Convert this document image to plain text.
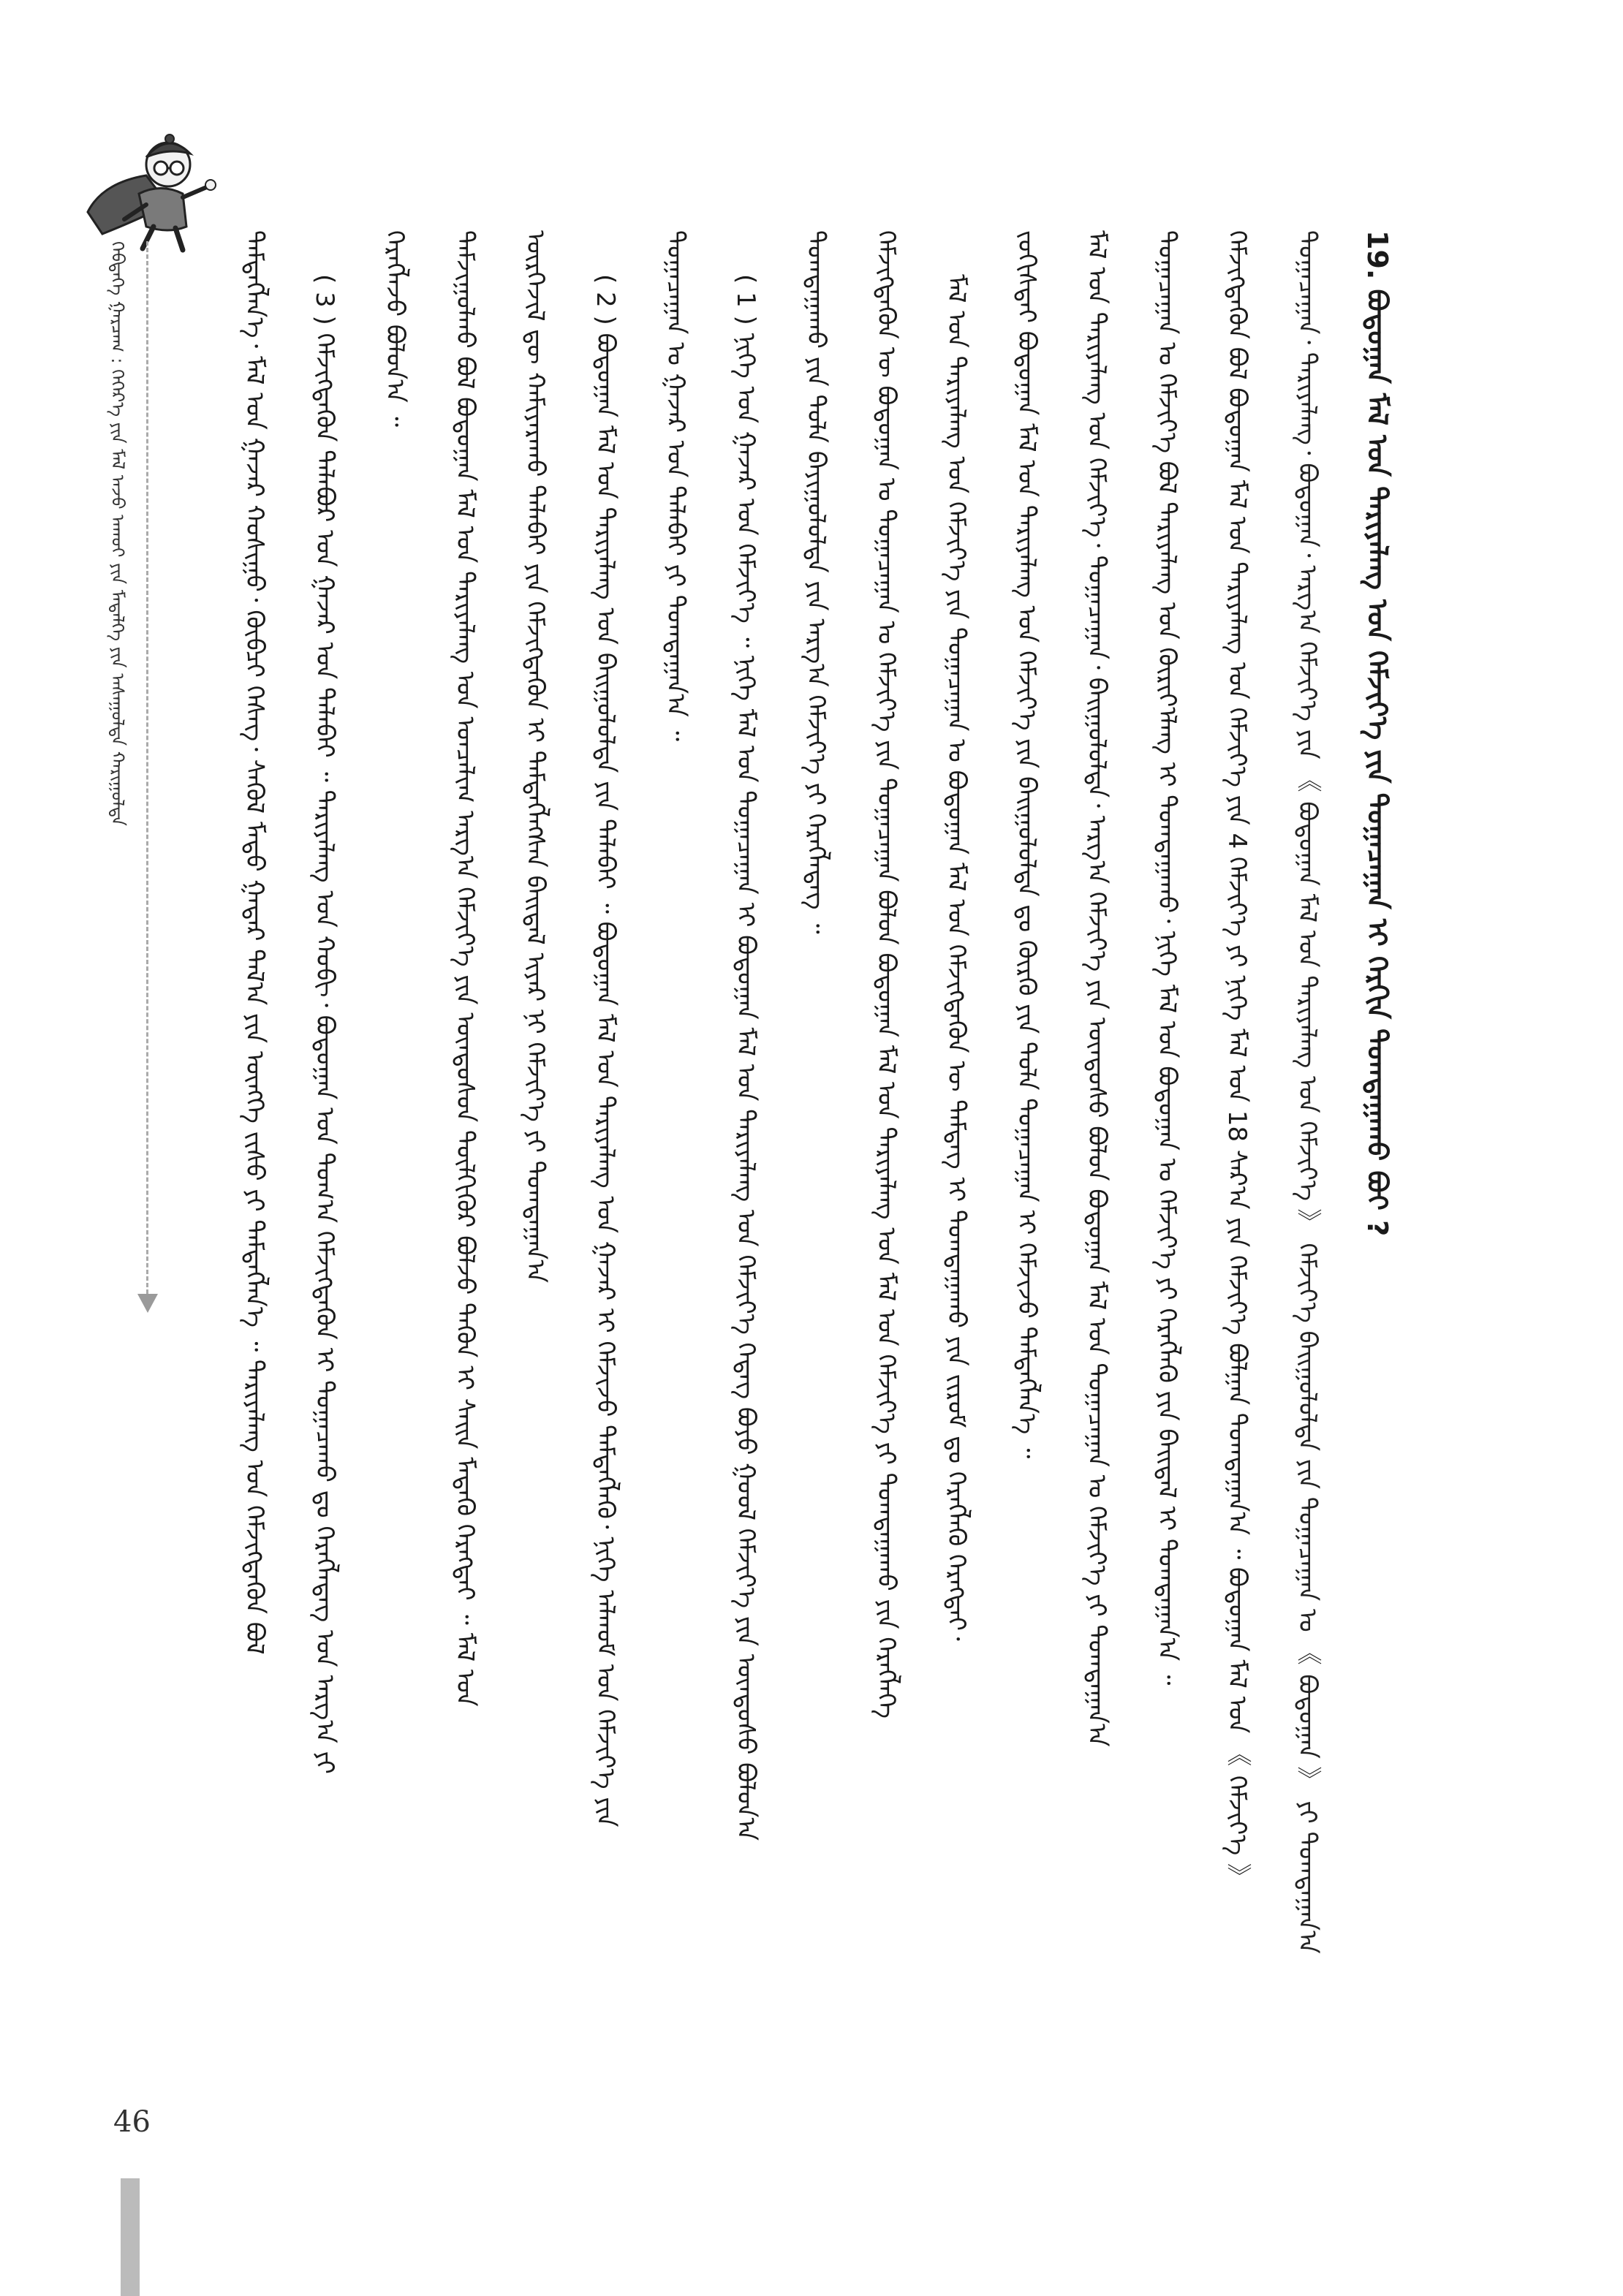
ᠬᠡᠪᠲᠡᠭᠡ ᠭᠠᠷᠴᠠᠭ : ᠬᠡᠭᠡᠷ᠎ᠡ ᠶᠢᠨ ᠮᠠᠯ ᠠᠵᠤ ᠠᠬᠤᠢ ᠶᠢᠨ ᠮᠡᠳᠡᠯᠭᠡ ᠶᠢᠨ ᠠᠰᠠᠭᠤᠯᠲᠠ ᠬᠠᠷᠢᠭᠤᠯᠲᠠ	ᠲᠡᠮᠳᠡᠭᠯᠡᠨ᠎ᠡ᠂ ᠮᠠᠯ ᠤᠨ ᠭᠠᠵᠠᠷ ᠬᠤᠰᠢᠭᠤ᠂ ᠬᠦᠪᠴᠢ ᠬᠡᠰᠡᠭ᠂ ᠰᠡᠭᠦᠯ ᠮᠡᠲᠦ ᠭᠠᠳᠠᠷ ᠲᠠᠯ᠎ᠠ ᠶᠢᠨ ᠦᠩᠭᠡ ᠵᠢᠰᠦ ᠶᠢ ᠲᠡᠮᠳᠡᠭᠯᠡᠨ᠎ᠡ ᠃ ᠲᠠᠷᠢᠶᠠᠯᠠᠩ ᠤᠨ ᠬᠡᠮᠵᠢᠭᠳᠡᠬᠦᠨ ᠪᠣᠯ	( 3 ) ᠬᠡᠮᠵᠢᠭᠳᠡᠬᠦᠨ ᠲᠠᠯᠠᠪᠤᠷ ᠤᠨ ᠭᠠᠵᠠᠷ ᠤᠨ ᠲᠠᠯᠠᠪᠠᠢ ᠃ ᠲᠠᠷᠢᠶᠠᠯᠠᠩ ᠤᠨ ᠬᠤᠪᠢ᠂ ᠪᠣᠳᠤᠭᠠᠨ ᠤᠨ ᠲᠣᠭ᠎ᠠ ᠬᠡᠮᠵᠢᠭᠳᠡᠬᠦᠨ ᠢ ᠲᠣᠭᠠᠴᠠᠬᠤ ᠳᠤ ᠬᠡᠷᠡᠭᠯᠡᠳᠡᠭ ᠤᠨ ᠠᠷᠭ᠎ᠠ ᠶᠢ	ᠬᠡᠷᠡᠭᠯᠡᠵᠦ ᠪᠣᠯᠣᠨ᠎ᠠ ᠃	ᠳᠠᠮᠵᠢᠭᠤᠯᠬᠤ ᠪᠣᠯ ᠪᠣᠳᠤᠭᠠᠨ ᠮᠠᠯ ᠤᠨ ᠲᠠᠷᠢᠶᠠᠯᠠᠩ ᠤᠨ ᠣᠨᠴᠠᠯᠢᠭ ᠠᠷᠭ᠎ᠠ ᠬᠡᠮᠵᠢᠶ᠎ᠡ ᠶᠢᠨ ᠦᠨᠳᠦᠰᠦᠨ ᠲᠦᠯᠬᠢᠭᠦᠷ ᠪᠣᠯᠵᠤ ᠲᠡᠭᠦᠨ ᠢ ᠰᠠᠢᠨ ᠮᠡᠳᠡᠬᠦ ᠬᠡᠷᠡᠭᠲᠡᠢ ᠃ ᠮᠠᠯ ᠤᠨ	ᠦᠷᠭᠡᠵᠢᠯ ᠳᠦ ᠬᠠᠮᠢᠶᠠᠷᠠᠬᠤ ᠲᠠᠯᠠᠪᠠᠢ ᠶᠢᠨ ᠬᠡᠮᠵᠢᠭᠳᠡᠬᠦᠨ ᠢ ᠲᠡᠮᠳᠡᠭᠯᠡᠭᠰᠡᠨ ᠪᠠᠢᠳᠠᠯ ᠢᠶᠠᠷ ᠨᠢ ᠬᠡᠮᠵᠢᠶ᠎ᠡ ᠶᠢ ᠲᠣᠭᠲᠠᠭᠠᠨ᠎ᠠ	( 2 ) ᠪᠣᠳᠤᠭᠠᠨ ᠮᠠᠯ ᠤᠨ ᠲᠠᠷᠢᠶᠠᠯᠠᠩ ᠤᠨ ᠪᠠᠢᠭᠤᠯᠤᠯᠲᠠ ᠶᠢᠨ ᠲᠠᠯᠠᠪᠠᠢ ᠃ ᠪᠣᠳᠤᠭᠠᠨ ᠮᠠᠯ ᠤᠨ ᠲᠠᠷᠢᠶᠠᠯᠠᠩ ᠤᠨ ᠭᠠᠵᠠᠷ ᠢ ᠬᠡᠮᠵᠢᠵᠦ ᠲᠡᠮᠳᠡᠭᠯᠡᠬᠦ᠂ ᠨᠢᠭᠡ ᠠᠯᠬᠤᠮ ᠤᠨ ᠬᠡᠮᠵᠢᠶ᠎ᠡ ᠶᠢᠨ	ᠲᠣᠭᠠᠴᠠᠭᠠᠨ ᠤ ᠭᠠᠵᠠᠷ ᠤᠨ ᠲᠠᠯᠠᠪᠠᠢ ᠶᠢ ᠲᠣᠭᠲᠠᠭᠠᠨ᠎ᠠ ᠃	( 1 ) ᠨᠢᠭᠡ ᠤᠨ ᠭᠠᠵᠠᠷ ᠤᠨ ᠬᠡᠮᠵᠢᠶ᠎ᠡ ᠃ ᠨᠢᠭᠡ ᠮᠠᠯ ᠤᠨ ᠲᠣᠭᠠᠴᠠᠭᠠᠨ ᠢ ᠪᠣᠳᠤᠭᠠᠨ ᠮᠠᠯ ᠤᠨ ᠲᠠᠷᠢᠶᠠᠯᠠᠩ ᠤᠨ ᠬᠡᠮᠵᠢᠶ᠎ᠡ ᠭᠡᠳᠡᠭ ᠪᠤᠶᠤ ᠭᠣᠣᠯ ᠬᠡᠮᠵᠢᠶ᠎ᠡ ᠶᠢᠨ ᠦᠨᠳᠦᠰᠦ ᠪᠣᠯᠤᠨ᠎ᠠ	ᠲᠣᠭᠲᠠᠭᠠᠬᠤ ᠶᠢᠨ ᠲᠤᠯᠠ ᠪᠠᠶᠢᠭᠤᠯᠤᠯᠲᠠ ᠶᠢᠨ ᠠᠷᠭ᠎ᠠ ᠬᠡᠮᠵᠢᠶ᠎ᠡ ᠶᠢ ᠬᠡᠷᠡᠭᠯᠡᠳᠡᠭ ᠃	ᠬᠡᠮᠵᠢᠭᠳᠡᠬᠦᠨ ᠦ ᠪᠣᠳᠤᠭᠠᠨ ᠤ ᠲᠣᠭᠠᠴᠠᠭᠠᠨ ᠤ ᠬᠡᠮᠵᠢᠶ᠎ᠡ ᠶᠢᠨ ᠲᠣᠭᠠᠴᠠᠭᠠᠨ ᠪᠣᠯᠤᠨ ᠪᠣᠳᠤᠭᠠᠨ ᠮᠠᠯ ᠤᠨ ᠲᠠᠷᠢᠶᠠᠯᠠᠩ ᠤᠨ ᠮᠠᠯ ᠤᠨ ᠬᠡᠮᠵᠢᠶ᠎ᠡ ᠶᠢ ᠲᠣᠭᠲᠠᠭᠠᠬᠤ ᠶᠢᠨ ᠬᠡᠷᠡᠭᠯᠡᠭᠡ	ᠮᠠᠯ ᠤᠨ ᠲᠠᠷᠢᠶᠠᠯᠠᠩ ᠤᠨ ᠬᠡᠮᠵᠢᠶ᠎ᠡ ᠶᠢᠨ ᠲᠣᠭᠠᠴᠠᠭᠠᠨ ᠤ ᠪᠣᠳᠤᠭᠠᠨ ᠮᠠᠯ ᠤᠨ ᠬᠡᠮᠵᠢᠭᠳᠡᠬᠦᠨ ᠦ ᠲᠡᠮᠳᠡᠭ ᠢ ᠲᠣᠭᠲᠠᠭᠠᠬᠤ ᠶᠢᠨ ᠵᠢᠷᠤᠮ ᠳᠤ ᠬᠡᠷᠡᠭᠯᠡᠬᠦ ᠬᠡᠷᠡᠭᠲᠡᠢ᠂	ᠵᠣᠬᠢᠰᠲᠠᠢ ᠪᠣᠳᠤᠭᠠᠨ ᠮᠠᠯ ᠤᠨ ᠲᠠᠷᠢᠶᠠᠯᠠᠩ ᠤᠨ ᠬᠡᠮᠵᠢᠶ᠎ᠡ ᠶᠢᠨ ᠪᠠᠢᠭᠤᠯᠤᠯᠲᠠ ᠳᠤ ᠬᠦᠷᠬᠦ ᠶᠢᠨ ᠲᠤᠯᠠ ᠲᠣᠭᠠᠴᠠᠭᠠᠨ ᠢ ᠬᠡᠮᠵᠢᠵᠦ ᠲᠡᠮᠳᠡᠭᠯᠡᠨ᠎ᠡ ᠃	ᠮᠠᠯ ᠤᠨ ᠲᠠᠷᠢᠶᠠᠯᠠᠩ ᠤᠨ ᠬᠡᠮᠵᠢᠶ᠎ᠡ᠂ ᠲᠣᠭᠠᠴᠠᠭᠠᠨ᠂ ᠪᠠᠢᠭᠤᠯᠤᠯᠲᠠ᠂ ᠠᠷᠭ᠎ᠠ ᠬᠡᠮᠵᠢᠶ᠎ᠡ ᠶᠢᠨ ᠦᠨᠳᠦᠰᠦ ᠪᠣᠯᠤᠨ ᠪᠣᠳᠤᠭᠠᠨ ᠮᠠᠯ ᠤᠨ ᠲᠣᠭᠠᠴᠠᠭᠠᠨ ᠤ ᠬᠡᠮᠵᠢᠶ᠎ᠡ ᠶᠢ ᠲᠣᠭᠲᠠᠭᠠᠨ᠎ᠠ	ᠲᠣᠭᠠᠴᠠᠭᠠᠨ ᠤ ᠬᠡᠮᠵᠢᠶ᠎ᠡ ᠪᠣᠯ ᠲᠠᠷᠢᠶᠠᠯᠠᠩ ᠤᠨ ᠬᠦᠷᠢᠶ᠎ᠡᠯᠡᠩ ᠢ ᠲᠣᠭᠲᠠᠭᠠᠬᠤ᠂ ᠨᠢᠭᠡ ᠮᠠᠯ ᠤᠨ ᠪᠣᠳᠤᠭᠠᠨ ᠤ ᠬᠡᠮᠵᠢᠶ᠎ᠡ ᠶᠢ ᠬᠡᠷᠡᠭᠯᠡᠬᠦ ᠶᠢᠨ ᠪᠠᠢᠳᠠᠯ ᠢ ᠲᠣᠭᠲᠠᠭᠠᠨ᠎ᠠ ᠃	ᠬᠡᠮᠵᠢᠭᠳᠡᠬᠦᠨ ᠪᠣᠯ ᠪᠣᠳᠤᠭᠠᠨ ᠮᠠᠯ ᠤᠨ ᠲᠠᠷᠢᠶᠠᠯᠠᠩ ᠤᠨ ᠬᠡᠮᠵᠢᠶ᠎ᠡ ᠶᠢᠨ 4 ᠬᠡᠮᠵᠢᠶ᠎ᠡ ᠶᠢ ᠨᠢᠭᠡ ᠮᠠᠯ ᠤᠨ 18 ᠰᠠᠷ᠎ᠠ ᠶᠢᠨ ᠬᠡᠮᠵᠢᠶ᠎ᠡ ᠪᠣᠯᠭᠠᠨ ᠲᠣᠭᠲᠠᠭᠠᠨ᠎ᠠ ᠃ ᠪᠣᠳᠤᠭᠠᠨ ᠮᠠᠯ ᠤᠨ 《 ᠬᠡᠮᠵᠢᠶ᠎ᠡ 》	ᠲᠣᠭᠠᠴᠠᠭᠠᠨ᠂ ᠲᠠᠷᠢᠶᠠᠯᠠᠩ᠂ ᠪᠣᠳᠤᠭᠠᠨ᠂ ᠠᠷᠭ᠎ᠠ ᠬᠡᠮᠵᠢᠶ᠎ᠡ ᠶᠢᠨ 《 ᠪᠣᠳᠤᠭᠠᠨ ᠮᠠᠯ ᠤᠨ ᠲᠠᠷᠢᠶᠠᠯᠠᠩ ᠤᠨ ᠬᠡᠮᠵᠢᠶ᠎ᠡ 》 ᠬᠡᠮᠵᠢᠶ᠎ᠡ ᠪᠠᠢᠭᠤᠯᠤᠯᠲᠠ ᠶᠢᠨ ᠲᠣᠭᠠᠴᠠᠭᠠᠨ ᠤ 《 ᠪᠣᠳᠤᠭᠠᠨ 》 ᠶᠢ ᠲᠣᠭᠲᠠᠭᠠᠨ᠎ᠠ	19. ᠪᠣᠳᠤᠭᠠᠨ ᠮᠠᠯ ᠤᠨ ᠲᠠᠷᠢᠶᠠᠯᠠᠩ ᠤᠨ ᠬᠡᠮᠵᠢᠶ᠎ᠡ ᠶᠢᠨ ᠲᠣᠭᠠᠴᠠᠭᠠᠨ ᠢ ᠬᠡᠷᠬᠢᠨ ᠲᠣᠭᠲᠠᠭᠠᠬᠤ ᠪᠤᠢ ?
46
